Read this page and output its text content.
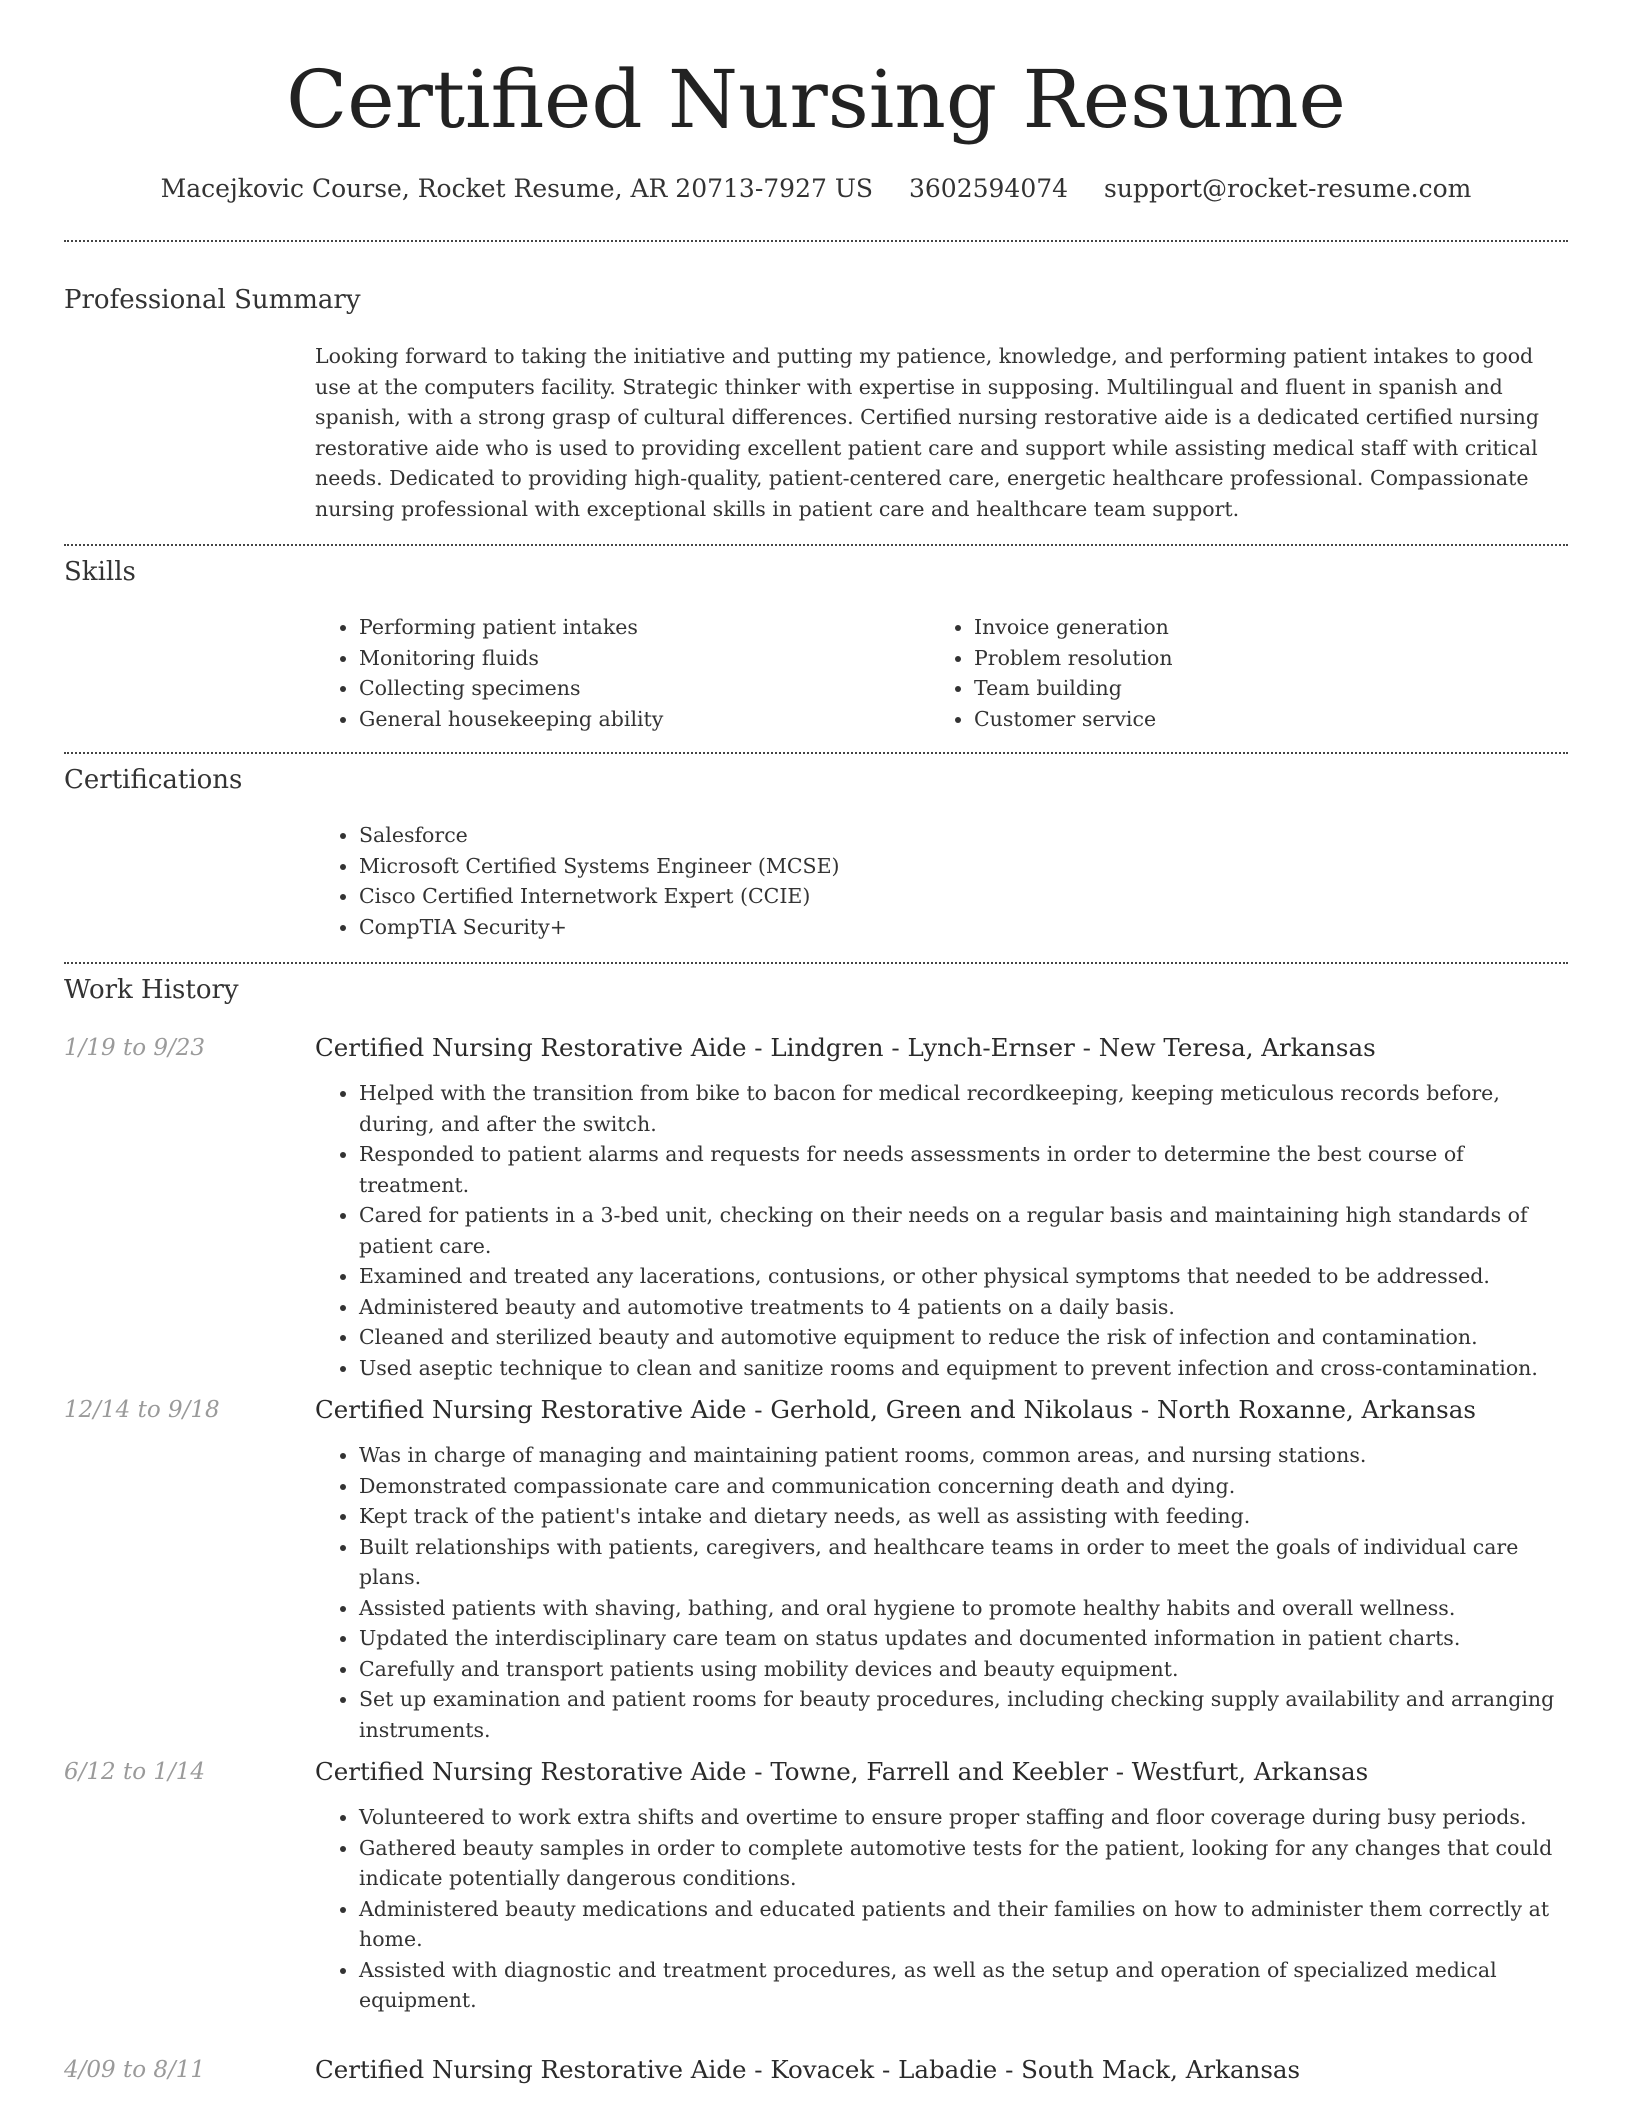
Certified Nursing Resume
Macejkovic Course, Rocket Resume, AR 20713-7927 US 3602594074 support@rocket-resume.com
Professional Summary
Looking forward to taking the initiative and putting my patience, knowledge, and performing patient intakes to good use at the computers facility. Strategic thinker with expertise in supposing. Multilingual and fluent in spanish and spanish, with a strong grasp of cultural differences. Certified nursing restorative aide is a dedicated certified nursing restorative aide who is used to providing excellent patient care and support while assisting medical staff with critical needs. Dedicated to providing high-quality, patient-centered care, energetic healthcare professional. Compassionate nursing professional with exceptional skills in patient care and healthcare team support.
Skills
• Performing patient intakes
• Monitoring fluids
• Collecting specimens
• General housekeeping ability
• Invoice generation
• Problem resolution
• Team building
• Customer service
Certifications
• Salesforce
• Microsoft Certified Systems Engineer (MCSE)
• Cisco Certified Internetwork Expert (CCIE)
• CompTIA Security+
Work History
1/19 to 9/23	Certified Nursing Restorative Aide - Lindgren - Lynch-Ernser - New Teresa, Arkansas
• Helped with the transition from bike to bacon for medical recordkeeping, keeping meticulous records before, during, and after the switch.
• Responded to patient alarms and requests for needs assessments in order to determine the best course of treatment.
• Cared for patients in a 3-bed unit, checking on their needs on a regular basis and maintaining high standards of patient care.
• Examined and treated any lacerations, contusions, or other physical symptoms that needed to be addressed.
• Administered beauty and automotive treatments to 4 patients on a daily basis.
• Cleaned and sterilized beauty and automotive equipment to reduce the risk of infection and contamination.
• Used aseptic technique to clean and sanitize rooms and equipment to prevent infection and cross-contamination.
12/14 to 9/18	Certified Nursing Restorative Aide - Gerhold, Green and Nikolaus - North Roxanne, Arkansas
• Was in charge of managing and maintaining patient rooms, common areas, and nursing stations.
• Demonstrated compassionate care and communication concerning death and dying.
• Kept track of the patient's intake and dietary needs, as well as assisting with feeding.
• Built relationships with patients, caregivers, and healthcare teams in order to meet the goals of individual care plans.
• Assisted patients with shaving, bathing, and oral hygiene to promote healthy habits and overall wellness.
• Updated the interdisciplinary care team on status updates and documented information in patient charts.
• Carefully and transport patients using mobility devices and beauty equipment.
• Set up examination and patient rooms for beauty procedures, including checking supply availability and arranging instruments.
6/12 to 1/14	Certified Nursing Restorative Aide - Towne, Farrell and Keebler - Westfurt, Arkansas
• Volunteered to work extra shifts and overtime to ensure proper staffing and floor coverage during busy periods.
• Gathered beauty samples in order to complete automotive tests for the patient, looking for any changes that could indicate potentially dangerous conditions.
• Administered beauty medications and educated patients and their families on how to administer them correctly at home.
• Assisted with diagnostic and treatment procedures, as well as the setup and operation of specialized medical equipment.
4/09 to 8/11	Certified Nursing Restorative Aide - Kovacek - Labadie - South Mack, Arkansas
